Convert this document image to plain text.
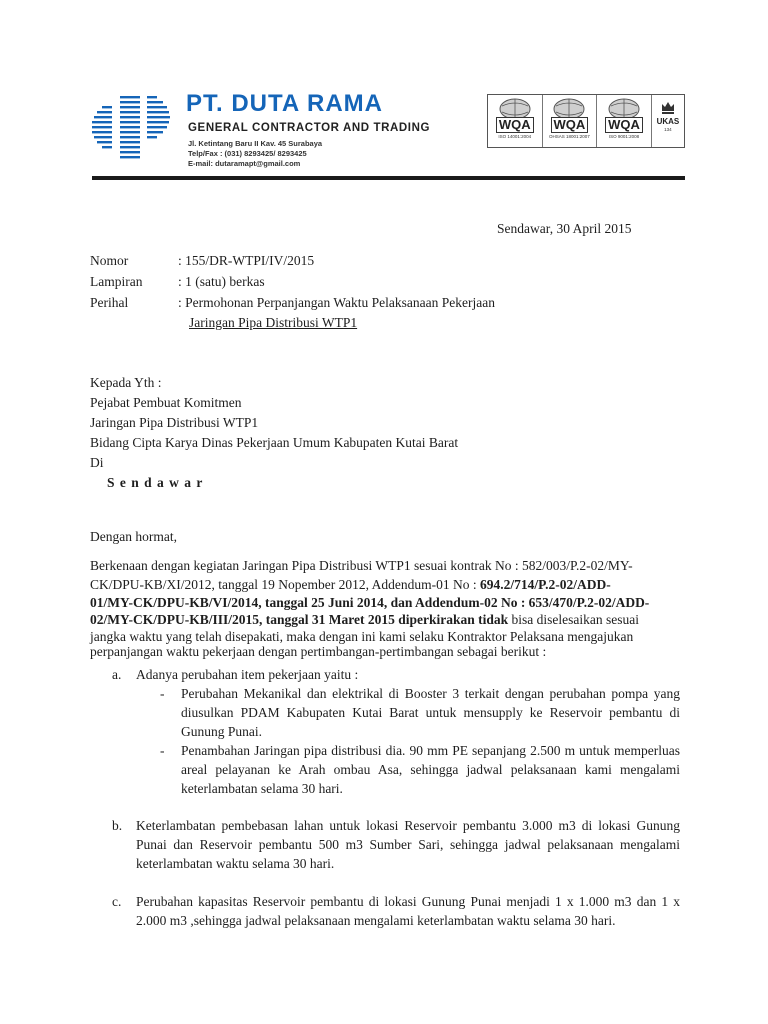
PT. DUTA RAMA
GENERAL CONTRACTOR AND TRADING
Jl. Ketintang Baru II Kav. 45 Surabaya
Telp/Fax : (031) 8293425/ 8293425
E-mail: dutaramapt@gmail.com
WQA
ISO 14001:2004
WQA
OHSAS 18001:2007
WQA
ISO 9001:2008
UKAS
134
Sendawar, 30 April 2015
Nomor	: 155/DR-WTPI/IV/2015
Lampiran	: 1 (satu) berkas
Perihal	: Permohonan Perpanjangan Waktu Pelaksanaan Pekerjaan
Jaringan Pipa Distribusi WTP1
Kepada Yth :
Pejabat Pembuat Komitmen
Jaringan Pipa Distribusi WTP1
Bidang Cipta Karya Dinas Pekerjaan Umum Kabupaten Kutai Barat
Di
S e n d a w a r
Dengan hormat,
Berkenaan dengan kegiatan Jaringan Pipa Distribusi WTP1 sesuai kontrak No : 582/003/P.2-02/MY-
CK/DPU-KB/XI/2012, tanggal 19 Nopember 2012, Addendum-01 No : 694.2/714/P.2-02/ADD-
01/MY-CK/DPU-KB/VI/2014, tanggal 25 Juni 2014, dan Addendum-02 No : 653/470/P.2-02/ADD-
02/MY-CK/DPU-KB/III/2015, tanggal 31 Maret 2015 diperkirakan tidak bisa diselesaikan sesuai
jangka waktu yang telah disepakati, maka dengan ini kami selaku Kontraktor Pelaksana mengajukan
perpanjangan waktu pekerjaan dengan pertimbangan-pertimbangan sebagai berikut :
a. Adanya perubahan item pekerjaan yaitu :
- Perubahan Mekanikal dan elektrikal di Booster 3 terkait dengan perubahan pompa yang diusulkan PDAM Kabupaten Kutai Barat untuk mensupply ke Reservoir pembantu di Gunung Punai.
- Penambahan Jaringan pipa distribusi dia. 90 mm PE sepanjang 2.500 m untuk memperluas areal pelayanan ke Arah ombau Asa, sehingga jadwal pelaksanaan kami mengalami keterlambatan selama 30 hari.
b. Keterlambatan pembebasan lahan untuk lokasi Reservoir pembantu 3.000 m3 di lokasi Gunung Punai dan Reservoir pembantu 500 m3 Sumber Sari, sehingga jadwal pelaksanaan mengalami keterlambatan waktu selama 30 hari.
c. Perubahan kapasitas Reservoir pembantu di lokasi Gunung Punai menjadi 1 x 1.000 m3 dan 1 x 2.000 m3 ,sehingga jadwal pelaksanaan mengalami keterlambatan waktu selama 30 hari.
